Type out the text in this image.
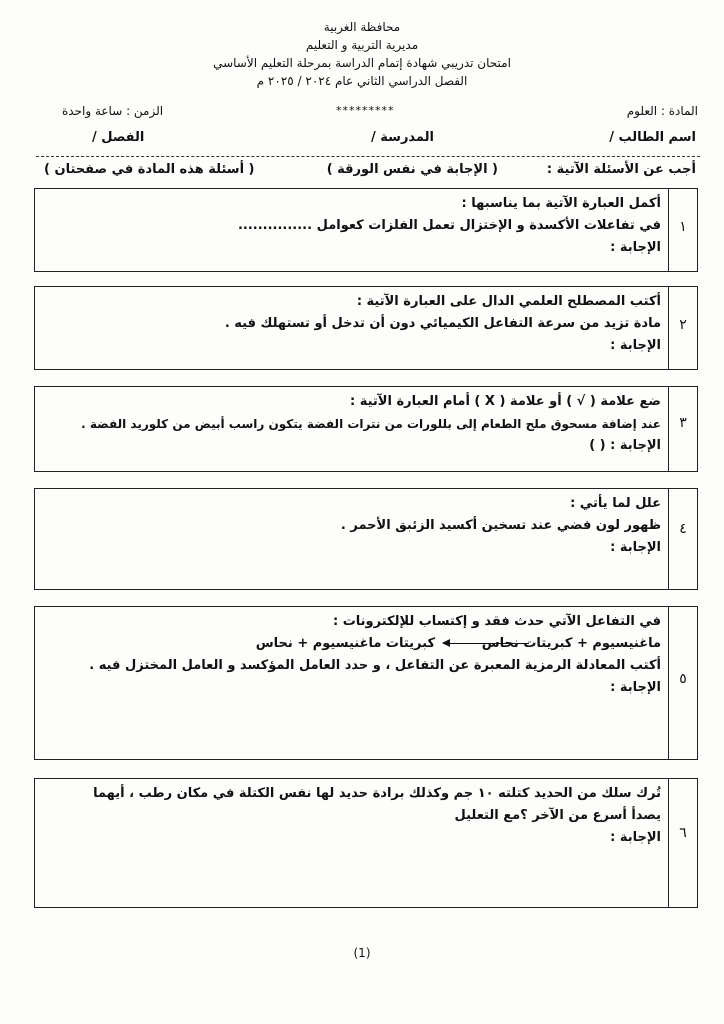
محافظة الغربية
مديرية التربية و التعليم
امتحان تدريبي شهادة إتمام الدراسة بمرحلة التعليم الأساسي
الفصل الدراسي الثاني عام ٢٠٢٤ / ٢٠٢٥ م
*********	المادة : العلوم
الزمن : ساعة واحدة
اسم الطالب /
المدرسة /
الفصل /
أجب عن الأسئلة الآتية :
( الإجابة في نفس الورقة )
( أسئلة هذه المادة في صفحتان )
١
أكمل العبارة الآتية بما يناسبها :
في تفاعلات الأكسدة و الإختزال تعمل الفلزات كعوامل ...............
الإجابة :
٢
أكتب المصطلح العلمي الدال على العبارة الآتية :
مادة تزيد من سرعة التفاعل الكيميائي دون أن تدخل أو تستهلك فيه .
الإجابة :
٣
ضع علامة ( √ ) أو علامة ( X ) أمام العبارة الآتية :
عند إضافة مسحوق ملح الطعام إلى بللورات من نترات الفضة يتكون راسب أبيض من كلوريد الفضة .
الإجابة : ( )
٤
علل لما يأتي :
ظهور لون فضي عند تسخين أكسيد الزئبق الأحمر .
الإجابة :
٥
في التفاعل الآتي حدث فقد و إكتساب للإلكترونات :
ماغنيسيوم + كبريتات نحاس
كبريتات ماغنيسيوم + نحاس
أكتب المعادلة الرمزية المعبرة عن التفاعل ، و حدد العامل المؤكسد و العامل المختزل فيه .
الإجابة :
٦
تُرك سلك من الحديد كتلته ١٠ جم وكذلك برادة حديد لها نفس الكتلة في مكان رطب ، أيهما
يصدأ أسرع من الآخر ؟مع التعليل
الإجابة :
(1)
